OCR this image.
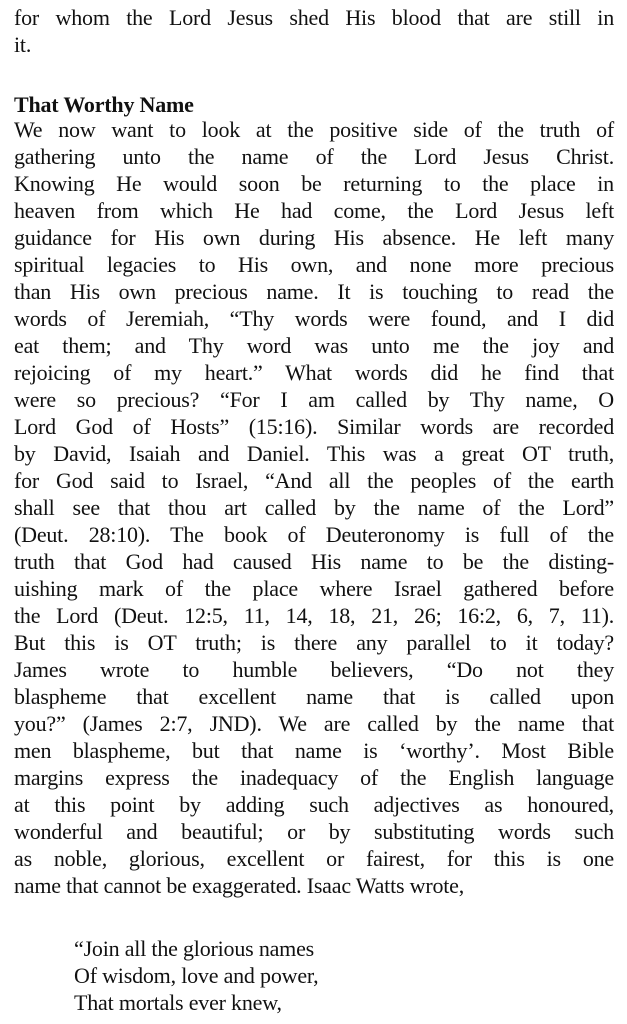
for whom the Lord Jesus shed His blood that are still in
it.
That Worthy Name
We now want to look at the positive side of the truth of
gathering unto the name of the Lord Jesus Christ.
Knowing He would soon be returning to the place in
heaven from which He had come, the Lord Jesus left
guidance for His own during His absence. He left many
spiritual legacies to His own, and none more precious
than His own precious name. It is touching to read the
words of Jeremiah, “Thy words were found, and I did
eat them; and Thy word was unto me the joy and
rejoicing of my heart.” What words did he find that
were so precious? “For I am called by Thy name, O
Lord God of Hosts” (15:16). Similar words are recorded
by David, Isaiah and Daniel. This was a great OT truth,
for God said to Israel, “And all the peoples of the earth
shall see that thou art called by the name of the Lord”
(Deut. 28:10). The book of Deuteronomy is full of the
truth that God had caused His name to be the disting-
uishing mark of the place where Israel gathered before
the Lord (Deut. 12:5, 11, 14, 18, 21, 26; 16:2, 6, 7, 11).
But this is OT truth; is there any parallel to it today?
James wrote to humble believers, “Do not they
blaspheme that excellent name that is called upon
you?” (James 2:7, JND). We are called by the name that
men blaspheme, but that name is ‘worthy’. Most Bible
margins express the inadequacy of the English language
at this point by adding such adjectives as honoured,
wonderful and beautiful; or by substituting words such
as noble, glorious, excellent or fairest, for this is one
name that cannot be exaggerated. Isaac Watts wrote,
“Join all the glorious names
Of wisdom, love and power,
That mortals ever knew,
